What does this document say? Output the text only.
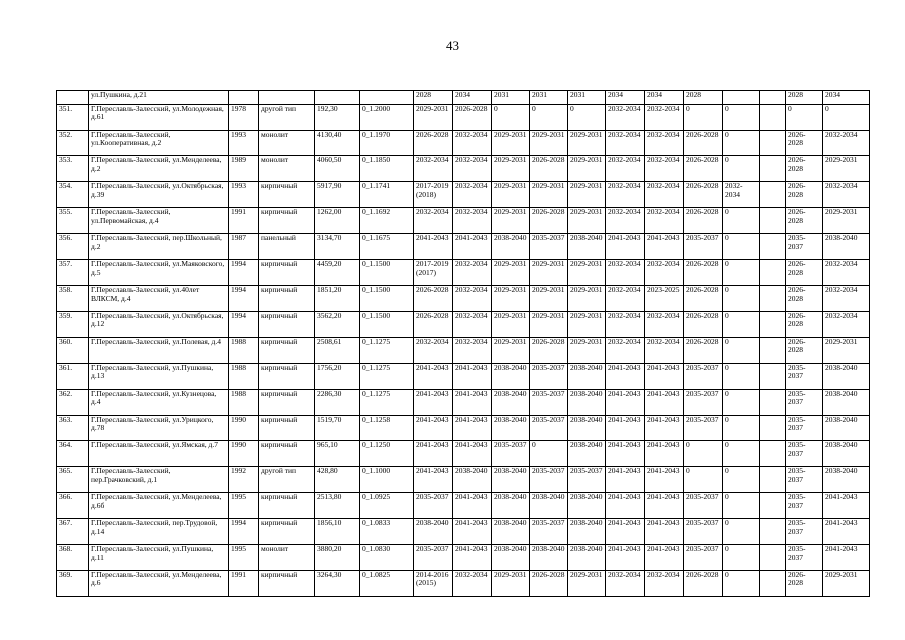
43
	ул.Пушкина, д.21					2028	2034	2031	2031	2031	2034	2034	2028			2028	2034
351.	Г.Переславль-Залесский, ул.Молодежная, д.61	1978	другой тип	192,30	0_1.2000	2029-2031	2026-2028	0	0	0	2032-2034	2032-2034	0	0		0	0
352.	Г.Переславль-Залесский, ул.Кооперативная, д.2	1993	монолит	4130,40	0_1.1970	2026-2028	2032-2034	2029-2031	2029-2031	2029-2031	2032-2034	2032-2034	2026-2028	0		2026-2028	2032-2034
353.	Г.Переславль-Залесский, ул.Менделеева, д.2	1989	монолит	4060,50	0_1.1850	2032-2034	2032-2034	2029-2031	2026-2028	2029-2031	2032-2034	2032-2034	2026-2028	0		2026-2028	2029-2031
354.	Г.Переславль-Залесский, ул.Октябрьская, д.39	1993	кирпичный	5917,90	0_1.1741	2017-2019 (2018)	2032-2034	2029-2031	2029-2031	2029-2031	2032-2034	2032-2034	2026-2028	2032-2034		2026-2028	2032-2034
355.	Г.Переславль-Залесский, ул.Первомайская, д.4	1991	кирпичный	1262,00	0_1.1692	2032-2034	2032-2034	2029-2031	2026-2028	2029-2031	2032-2034	2032-2034	2026-2028	0		2026-2028	2029-2031
356.	Г.Переславль-Залесский, пер.Школьный, д.2	1987	панельный	3134,70	0_1.1675	2041-2043	2041-2043	2038-2040	2035-2037	2038-2040	2041-2043	2041-2043	2035-2037	0		2035-2037	2038-2040
357.	Г.Переславль-Залесский, ул.Маяковского, д.5	1994	кирпичный	4459,20	0_1.1500	2017-2019 (2017)	2032-2034	2029-2031	2029-2031	2029-2031	2032-2034	2032-2034	2026-2028	0		2026-2028	2032-2034
358.	Г.Переславль-Залесский, ул.40лет ВЛКСМ, д.4	1994	кирпичный	1851,20	0_1.1500	2026-2028	2032-2034	2029-2031	2029-2031	2029-2031	2032-2034	2023-2025	2026-2028	0		2026-2028	2032-2034
359.	Г.Переславль-Залесский, ул.Октябрьская, д.12	1994	кирпичный	3562,20	0_1.1500	2026-2028	2032-2034	2029-2031	2029-2031	2029-2031	2032-2034	2032-2034	2026-2028	0		2026-2028	2032-2034
360.	Г.Переславль-Залесский, ул.Полевая, д.4	1988	кирпичный	2508,61	0_1.1275	2032-2034	2032-2034	2029-2031	2026-2028	2029-2031	2032-2034	2032-2034	2026-2028	0		2026-2028	2029-2031
361.	Г.Переславль-Залесский, ул.Пушкина, д.13	1988	кирпичный	1756,20	0_1.1275	2041-2043	2041-2043	2038-2040	2035-2037	2038-2040	2041-2043	2041-2043	2035-2037	0		2035-2037	2038-2040
362.	Г.Переславль-Залесский, ул.Кузнецова, д.4	1988	кирпичный	2286,30	0_1.1275	2041-2043	2041-2043	2038-2040	2035-2037	2038-2040	2041-2043	2041-2043	2035-2037	0		2035-2037	2038-2040
363.	Г.Переславль-Залесский, ул.Урицкого, д.78	1990	кирпичный	1519,70	0_1.1258	2041-2043	2041-2043	2038-2040	2035-2037	2038-2040	2041-2043	2041-2043	2035-2037	0		2035-2037	2038-2040
364.	Г.Переславль-Залесский, ул.Ямская, д.7	1990	кирпичный	965,10	0_1.1250	2041-2043	2041-2043	2035-2037	0	2038-2040	2041-2043	2041-2043	0	0		2035-2037	2038-2040
365.	Г.Переславль-Залесский, пер.Грачковский, д.1	1992	другой тип	428,80	0_1.1000	2041-2043	2038-2040	2038-2040	2035-2037	2035-2037	2041-2043	2041-2043	0	0		2035-2037	2038-2040
366.	Г.Переславль-Залесский, ул.Менделеева, д.6б	1995	кирпичный	2513,80	0_1.0925	2035-2037	2041-2043	2038-2040	2038-2040	2038-2040	2041-2043	2041-2043	2035-2037	0		2035-2037	2041-2043
367.	Г.Переславль-Залесский, пер.Трудовой, д.14	1994	кирпичный	1856,10	0_1.0833	2038-2040	2041-2043	2038-2040	2035-2037	2038-2040	2041-2043	2041-2043	2035-2037	0		2035-2037	2041-2043
368.	Г.Переславль-Залесский, ул.Пушкина, д.11	1995	монолит	3880,20	0_1.0830	2035-2037	2041-2043	2038-2040	2038-2040	2038-2040	2041-2043	2041-2043	2035-2037	0		2035-2037	2041-2043
369.	Г.Переславль-Залесский, ул.Менделеева, д.6	1991	кирпичный	3264,30	0_1.0825	2014-2016 (2015)	2032-2034	2029-2031	2026-2028	2029-2031	2032-2034	2032-2034	2026-2028	0		2026-2028	2029-2031
